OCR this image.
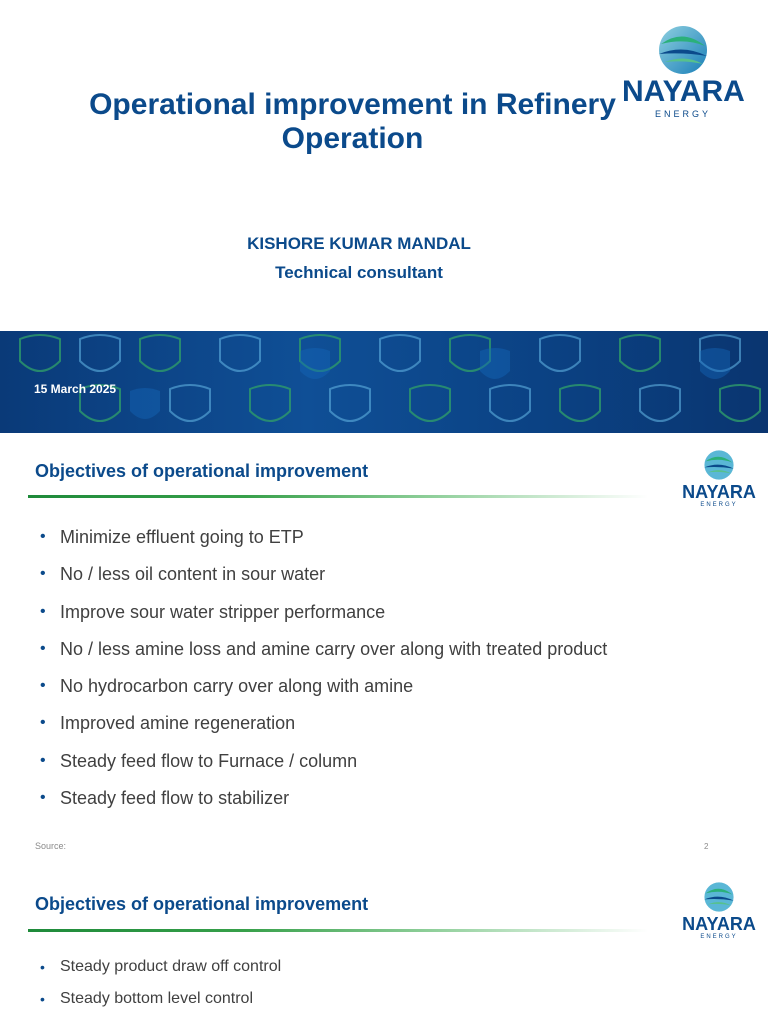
Operational improvement in Refinery Operation
NAYARA
ENERGY
KISHORE KUMAR MANDAL
Technical consultant
15 March 2025
Objectives of operational improvement
NAYARA
ENERGY
• Minimize effluent going to ETP
• No / less oil content in sour water
• Improve sour water stripper performance
• No / less amine loss and amine carry over along with treated product
• No hydrocarbon carry over along with amine
• Improved amine regeneration
• Steady feed flow to Furnace / column
• Steady feed flow to stabilizer
Source:	2
Objectives of operational improvement
NAYARA
ENERGY
• Steady product draw off control
• Steady bottom level control
